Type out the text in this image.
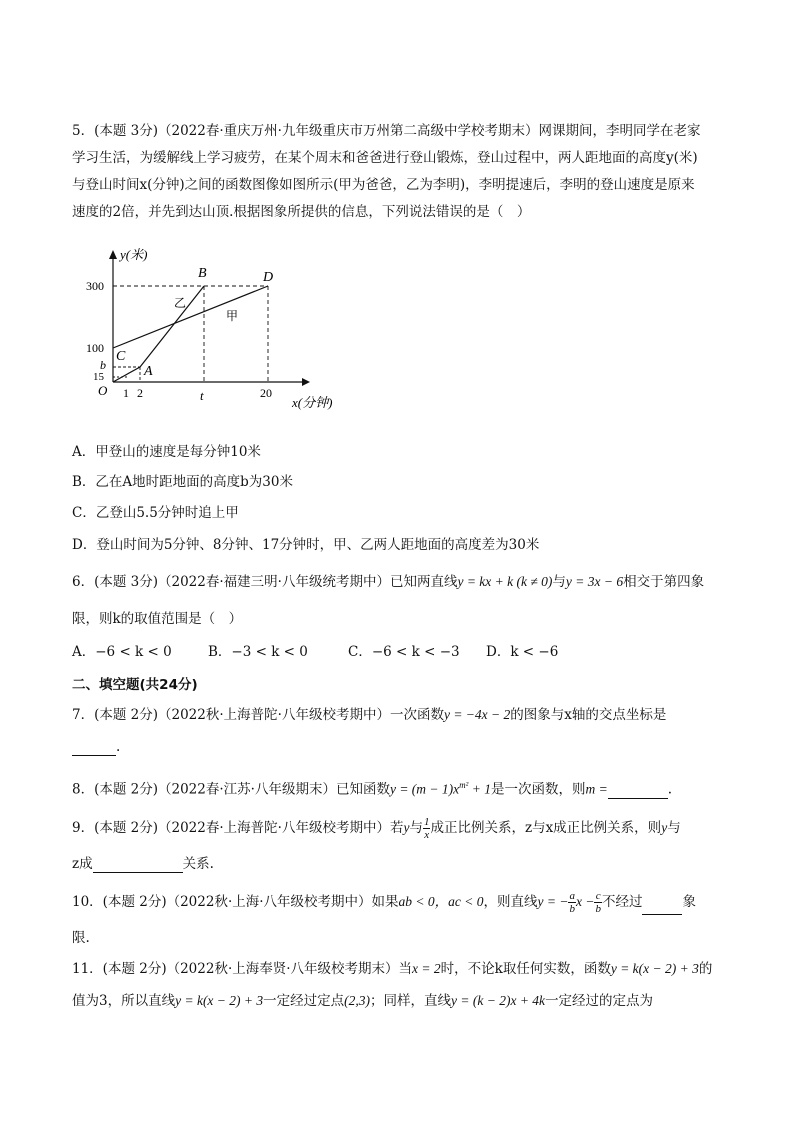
5．(本题 3分)（2022春·重庆万州·九年级重庆市万州第二高级中学校考期末）网课期间，李明同学在老家
学习生活，为缓解线上学习疲劳，在某个周末和爸爸进行登山锻炼，登山过程中，两人距地面的高度y(米)
与登山时间x(分钟)之间的函数图像如图所示(甲为爸爸，乙为李明)，李明提速后，李明的登山速度是原来
速度的2倍，并先到达山顶.根据图象所提供的信息，下列说法错误的是（　）
y(米)
x(分钟)
O
300
100
b
15
1 2	t	20
B	D
C
A
乙
甲
A．甲登山的速度是每分钟10米
B．乙在A地时距地面的高度b为30米
C．乙登山5.5分钟时追上甲
D．登山时间为5分钟、8分钟、17分钟时，甲、乙两人距地面的高度差为30米
6．(本题 3分)（2022春·福建三明·八年级统考期中）已知两直线y = kx + k (k ≠ 0)与y = 3x − 6相交于第四象
限，则k的取值范围是（　）
A．−6 < k < 0	B．−3 < k < 0	C．−6 < k < −3 D．k < −6
二、填空题(共24分)
7．(本题 2分)（2022秋·上海普陀·八年级校考期中）一次函数y = −4x − 2的图象与x轴的交点坐标是
.
8．(本题 2分)（2022春·江苏·八年级期末）已知函数$y = (m - 1)x^{m^2} + 1$是一次函数，则m =	.
9．(本题 2分)（2022春·上海普陀·八年级校考期中）若y与 $\frac{1}{x}$ 成正比例关系，z与x成正比例关系，则y与
z成	关系.
10．(本题 2分)（2022秋·上海·八年级校考期中）如果ab < 0，ac < 0，则直线y = − $\frac{a}{b}$ $x - \frac{c}{b}$ 不经过	象
限.
11．(本题 2分)（2022秋·上海奉贤·八年级校考期末）当x = 2时，不论k取任何实数，函数y = k(x − 2) + 3的
值为3，所以直线y = k(x − 2) + 3一定经过定点(2,3)；同样，直线y = (k − 2)x + 4k一定经过的定点为
